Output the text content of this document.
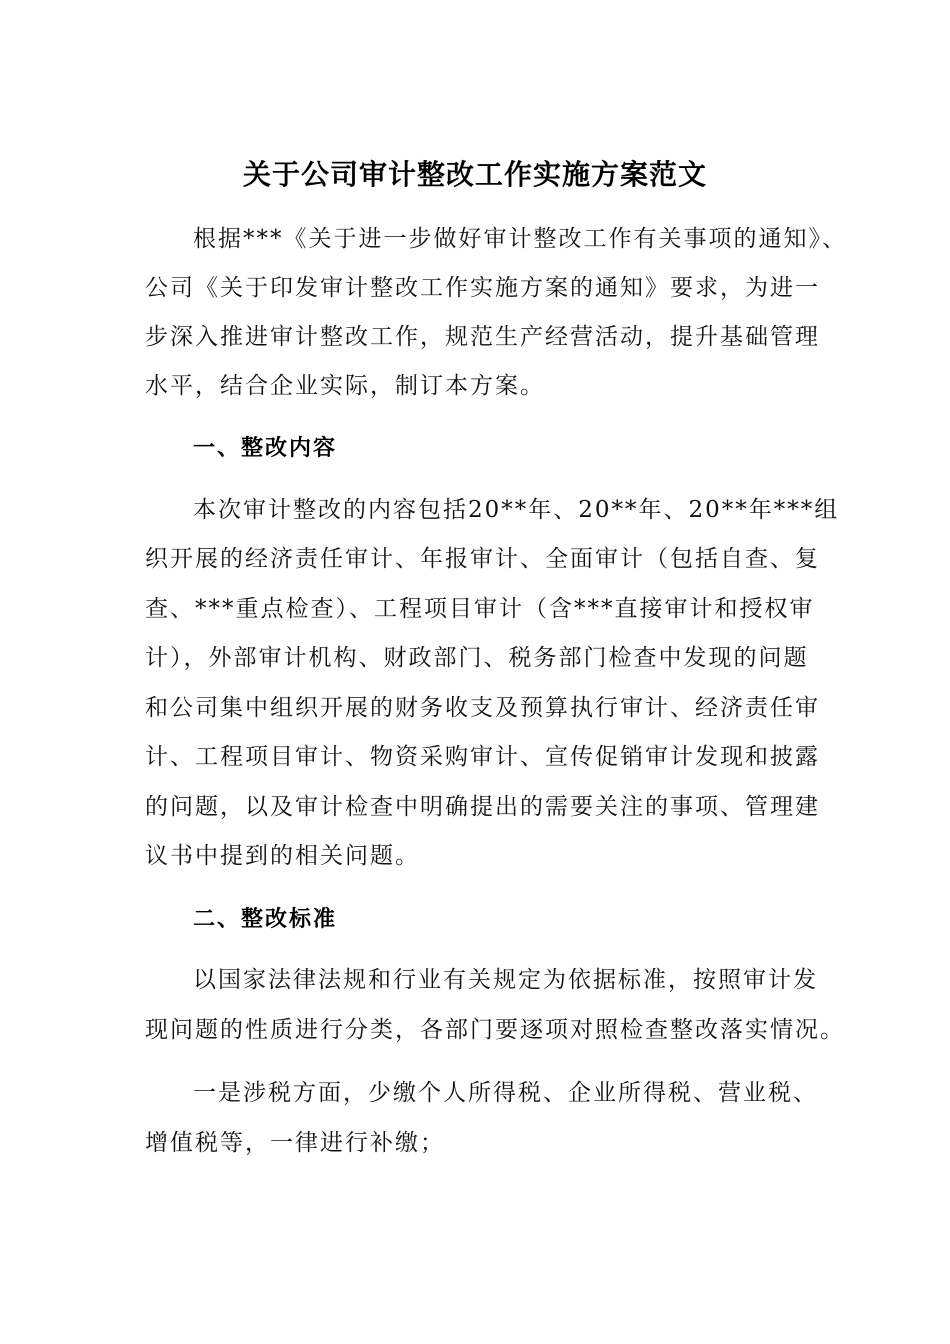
关于公司审计整改工作实施方案范文
根据***《关于进一步做好审计整改工作有关事项的通知》、
公司《关于印发审计整改工作实施方案的通知》要求，为进一
步深入推进审计整改工作，规范生产经营活动，提升基础管理
水平，结合企业实际，制订本方案。
一、整改内容
本次审计整改的内容包括20**年、20**年、20**年***组
织开展的经济责任审计、年报审计、全面审计（包括自查、复
查、***重点检查）、工程项目审计（含***直接审计和授权审
计），外部审计机构、财政部门、税务部门检查中发现的问题
和公司集中组织开展的财务收支及预算执行审计、经济责任审
计、工程项目审计、物资采购审计、宣传促销审计发现和披露
的问题，以及审计检查中明确提出的需要关注的事项、管理建
议书中提到的相关问题。
二、整改标准
以国家法律法规和行业有关规定为依据标准，按照审计发
现问题的性质进行分类，各部门要逐项对照检查整改落实情况。
一是涉税方面，少缴个人所得税、企业所得税、营业税、
增值税等，一律进行补缴；
